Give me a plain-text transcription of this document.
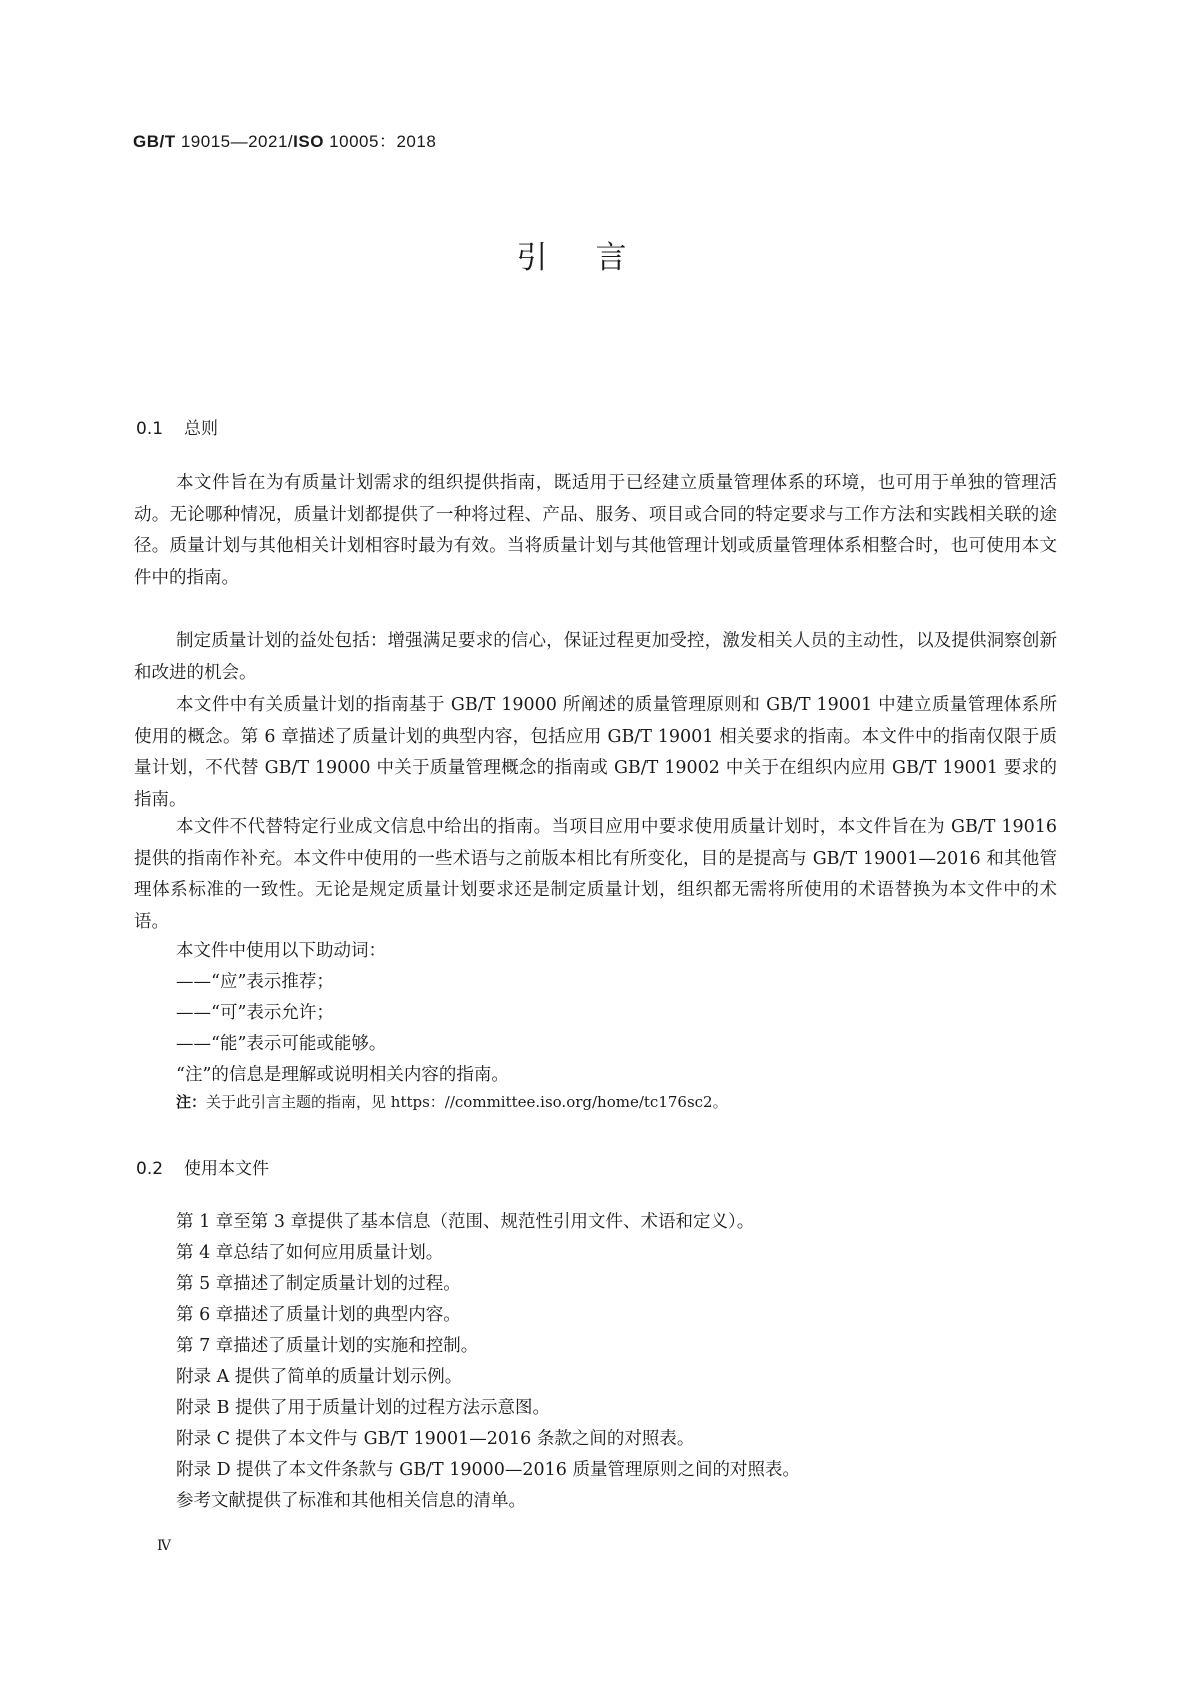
GB/T 19015—2021/ISO 10005：2018
引言
0.1 总则

本文件旨在为有质量计划需求的组织提供指南，既适用于已经建立质量管理体系的环境，也可用于单独的管理活动。无论哪种情况，质量计划都提供了一种将过程、产品、服务、项目或合同的特定要求与工作方法和实践相关联的途径。质量计划与其他相关计划相容时最为有效。当将质量计划与其他管理计划或质量管理体系相整合时，也可使用本文件中的指南。

制定质量计划的益处包括：增强满足要求的信心，保证过程更加受控，激发相关人员的主动性，以及提供洞察创新和改进的机会。

本文件中有关质量计划的指南基于 GB/T 19000 所阐述的质量管理原则和 GB/T 19001 中建立质量管理体系所使用的概念。第 6 章描述了质量计划的典型内容，包括应用 GB/T 19001 相关要求的指南。本文件中的指南仅限于质量计划，不代替 GB/T 19000 中关于质量管理概念的指南或 GB/T 19002 中关于在组织内应用 GB/T 19001 要求的指南。

本文件不代替特定行业成文信息中给出的指南。当项目应用中要求使用质量计划时，本文件旨在为 GB/T 19016 提供的指南作补充。本文件中使用的一些术语与之前版本相比有所变化，目的是提高与 GB/T 19001—2016 和其他管理体系标准的一致性。无论是规定质量计划要求还是制定质量计划，组织都无需将所使用的术语替换为本文件中的术语。

本文件中使用以下助动词：
——“应”表示推荐；
——“可”表示允许；
——“能”表示可能或能够。
“注”的信息是理解或说明相关内容的指南。
注：关于此引言主题的指南，见 https：//committee.iso.org/home/tc176sc2。
0.2 使用本文件
第 1 章至第 3 章提供了基本信息（范围、规范性引用文件、术语和定义）。
第 4 章总结了如何应用质量计划。
第 5 章描述了制定质量计划的过程。
第 6 章描述了质量计划的典型内容。
第 7 章描述了质量计划的实施和控制。
附录 A 提供了简单的质量计划示例。
附录 B 提供了用于质量计划的过程方法示意图。
附录 C 提供了本文件与 GB/T 19001—2016 条款之间的对照表。
附录 D 提供了本文件条款与 GB/T 19000—2016 质量管理原则之间的对照表。
参考文献提供了标准和其他相关信息的清单。
Ⅳ
